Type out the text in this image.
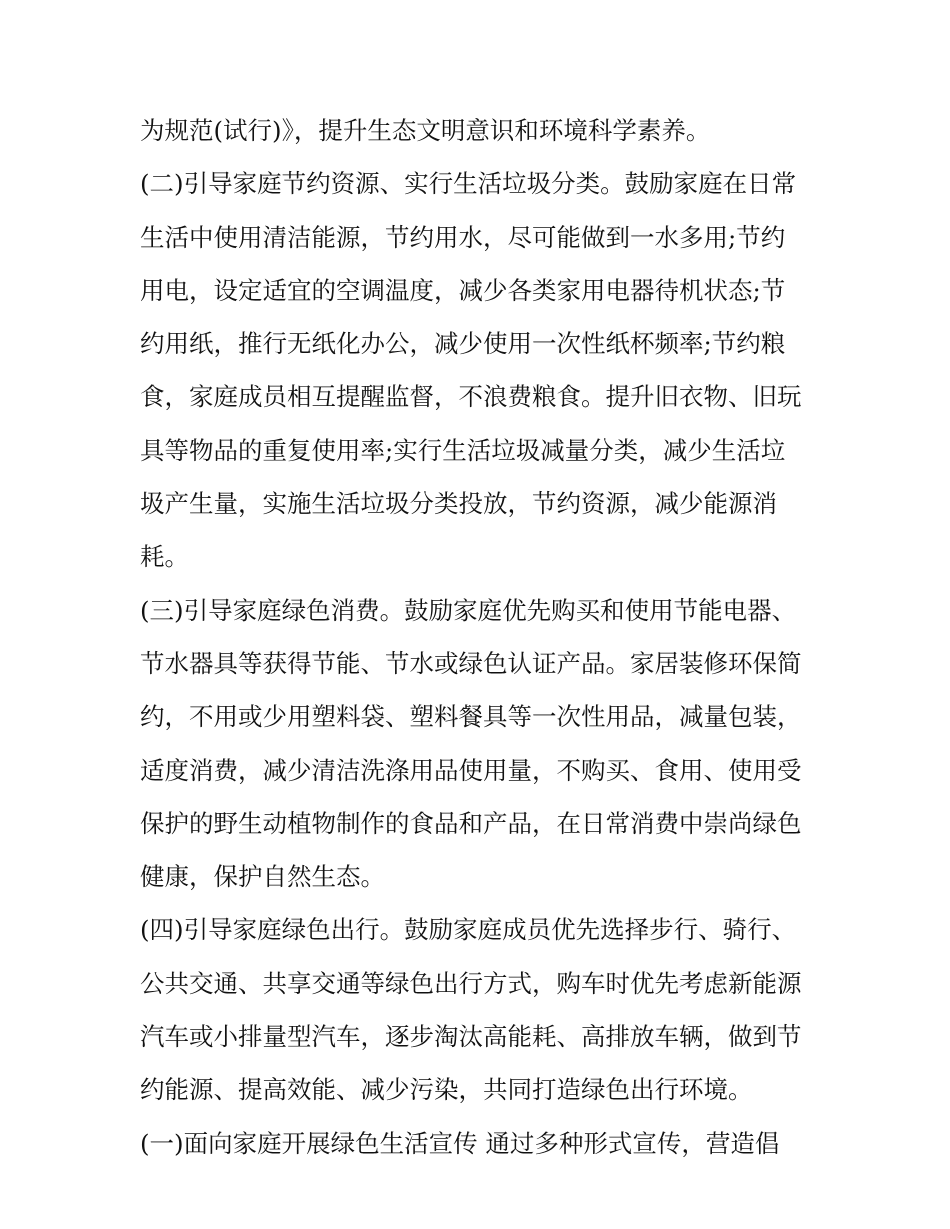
为规范(试行)》，提升生态文明意识和环境科学素养。
(二)引导家庭节约资源、实行生活垃圾分类。鼓励家庭在日常
生活中使用清洁能源，节约用水，尽可能做到一水多用;节约
用电，设定适宜的空调温度，减少各类家用电器待机状态;节
约用纸，推行无纸化办公，减少使用一次性纸杯频率;节约粮
食，家庭成员相互提醒监督，不浪费粮食。提升旧衣物、旧玩
具等物品的重复使用率;实行生活垃圾减量分类，减少生活垃
圾产生量，实施生活垃圾分类投放，节约资源，减少能源消
耗。
(三)引导家庭绿色消费。鼓励家庭优先购买和使用节能电器、
节水器具等获得节能、节水或绿色认证产品。家居装修环保简
约，不用或少用塑料袋、塑料餐具等一次性用品，减量包装，
适度消费，减少清洁洗涤用品使用量，不购买、食用、使用受
保护的野生动植物制作的食品和产品，在日常消费中崇尚绿色
健康，保护自然生态。
(四)引导家庭绿色出行。鼓励家庭成员优先选择步行、骑行、
公共交通、共享交通等绿色出行方式，购车时优先考虑新能源
汽车或小排量型汽车，逐步淘汰高能耗、高排放车辆，做到节
约能源、提高效能、减少污染，共同打造绿色出行环境。
(一)面向家庭开展绿色生活宣传 通过多种形式宣传，营造倡
